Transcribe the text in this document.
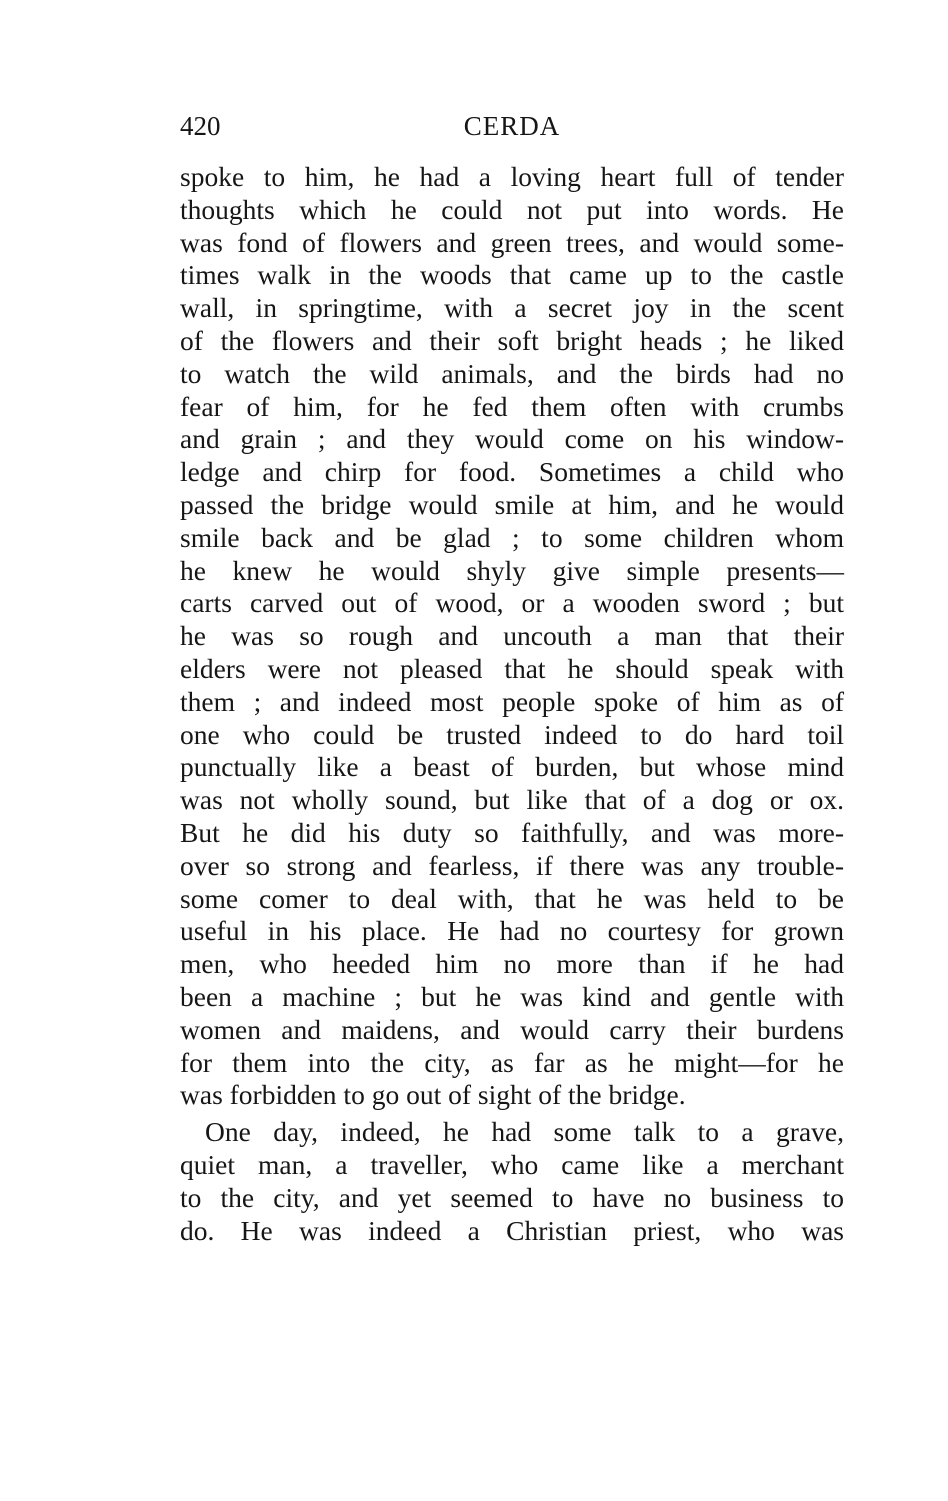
420	CERDA
spoke to him, he had a loving heart full of tender
thoughts which he could not put into words. He
was fond of flowers and green trees, and would some-
times walk in the woods that came up to the castle
wall, in springtime, with a secret joy in the scent
of the flowers and their soft bright heads ; he liked
to watch the wild animals, and the birds had no
fear of him, for he fed them often with crumbs
and grain ; and they would come on his window-
ledge and chirp for food. Sometimes a child who
passed the bridge would smile at him, and he would
smile back and be glad ; to some children whom
he knew he would shyly give simple presents—
carts carved out of wood, or a wooden sword ; but
he was so rough and uncouth a man that their
elders were not pleased that he should speak with
them ; and indeed most people spoke of him as of
one who could be trusted indeed to do hard toil
punctually like a beast of burden, but whose mind
was not wholly sound, but like that of a dog or ox.
But he did his duty so faithfully, and was more-
over so strong and fearless, if there was any trouble-
some comer to deal with, that he was held to be
useful in his place. He had no courtesy for grown
men, who heeded him no more than if he had
been a machine ; but he was kind and gentle with
women and maidens, and would carry their burdens
for them into the city, as far as he might—for he
was forbidden to go out of sight of the bridge.
One day, indeed, he had some talk to a grave,
quiet man, a traveller, who came like a merchant
to the city, and yet seemed to have no business to
do. He was indeed a Christian priest, who was
